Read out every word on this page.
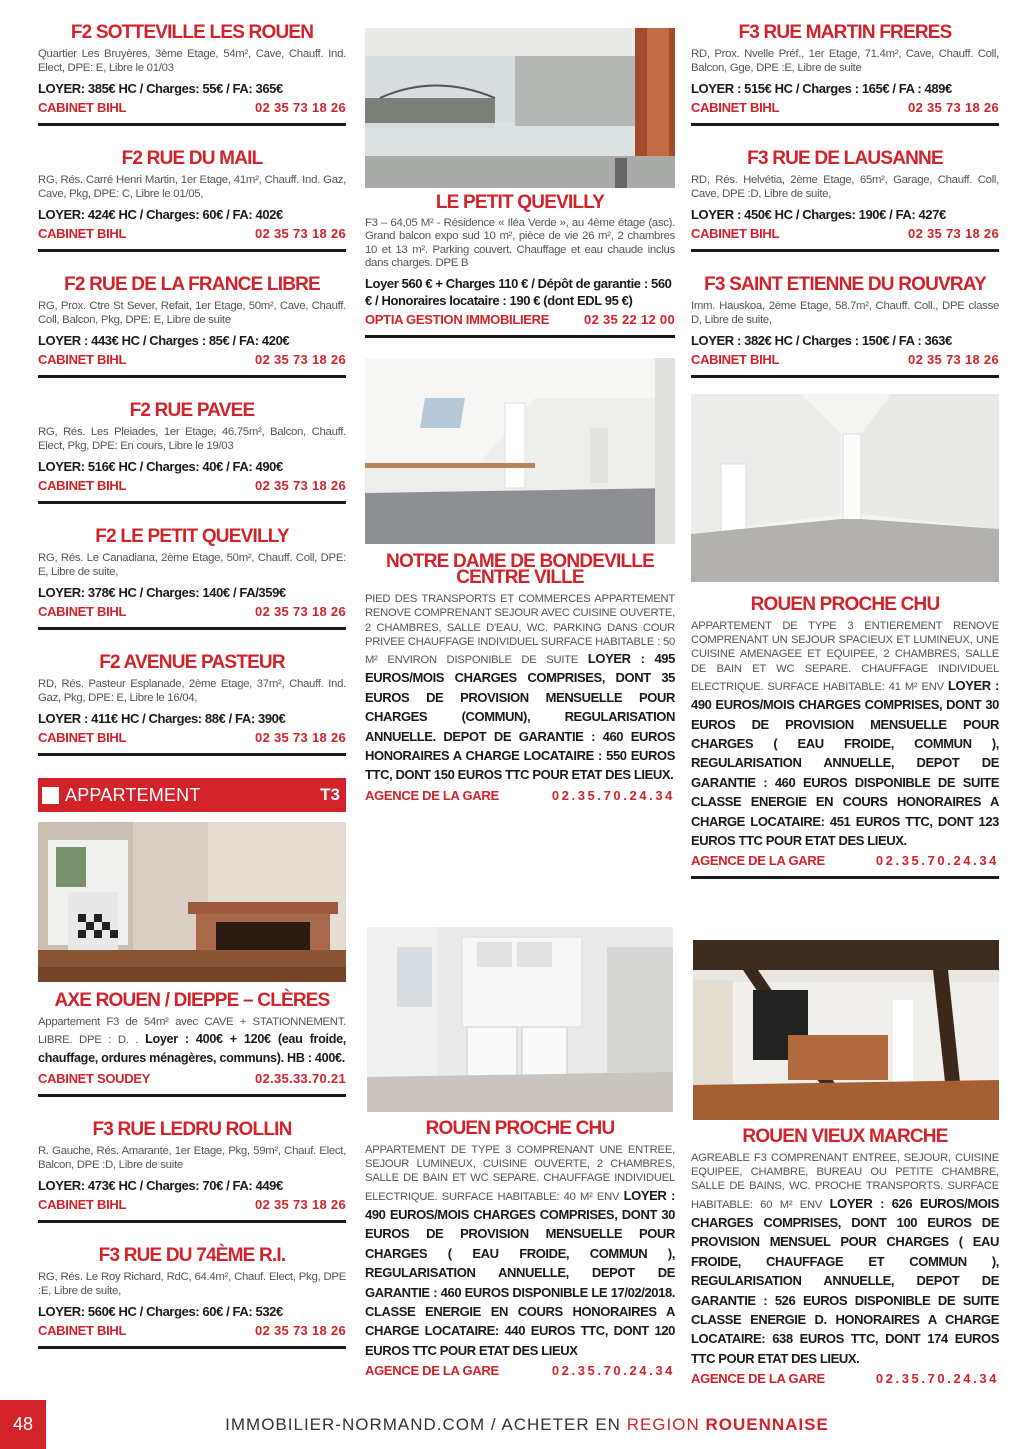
F2 SOTTEVILLE LES ROUEN
Quartier Les Bruyères, 3ème Etage, 54m², Cave, Chauff. Ind. Elect, DPE: E, Libre le 01/03
LOYER: 385€ HC / Charges: 55€ / FA: 365€
CABINET BIHL	02 35 73 18 26
F2 RUE DU MAIL
RG, Rés. Carré Henri Martin, 1er Etage, 41m², Chauff. Ind. Gaz, Cave, Pkg, DPE: C, Libre le 01/05,
LOYER: 424€ HC / Charges: 60€ / FA: 402€
CABINET BIHL	02 35 73 18 26
F2 RUE DE LA FRANCE LIBRE
RG, Prox. Ctre St Sever, Refait, 1er Etage, 50m², Cave, Chauff. Coll, Balcon, Pkg, DPE: E, Libre de suite
LOYER : 443€ HC / Charges : 85€ / FA: 420€
CABINET BIHL	02 35 73 18 26
F2 RUE PAVEE
RG, Rés. Les Pleiades, 1er Etage, 46.75m², Balcon, Chauff. Elect, Pkg, DPE: En cours, Libre le 19/03
LOYER: 516€ HC / Charges: 40€ / FA: 490€
CABINET BIHL	02 35 73 18 26
F2 LE PETIT QUEVILLY
RG, Rés. Le Canadiana, 2ème Etage, 50m², Chauff. Coll, DPE: E, Libre de suite,
LOYER: 378€ HC / Charges: 140€ / FA/359€
CABINET BIHL	02 35 73 18 26
F2 AVENUE PASTEUR
RD, Rés. Pasteur Esplanade, 2ème Etage, 37m², Chauff. Ind. Gaz, Pkg, DPE: E, Libre le 16/04,
LOYER : 411€ HC / Charges: 88€ / FA: 390€
CABINET BIHL	02 35 73 18 26
APPARTEMENT	T3
AXE ROUEN / DIEPPE – CLÈRES
Appartement F3 de 54m² avec CAVE + STATIONNEMENT. LIBRE. DPE : D. . Loyer : 400€ + 120€ (eau froide, chauffage, ordures ménagères, communs). HB : 400€.
CABINET SOUDEY	02.35.33.70.21
F3 RUE LEDRU ROLLIN
R. Gauche, Rés. Amarante, 1er Etage, Pkg, 59m², Chauf. Elect, Balcon, DPE :D, Libre de suite
LOYER: 473€ HC / Charges: 70€ / FA: 449€
CABINET BIHL	02 35 73 18 26
F3 RUE DU 74ÈME R.I.
RG, Rés. Le Roy Richard, RdC, 64.4m², Chauf. Elect, Pkg, DPE :E, Libre de suite,
LOYER: 560€ HC / Charges: 60€ / FA: 532€
CABINET BIHL	02 35 73 18 26
LE PETIT QUEVILLY
F3 – 64,05 M² - Résidence « Iléa Verde », au 4ème étage (asc). Grand balcon expo sud 10 m², pièce de vie 26 m², 2 chambres 10 et 13 m². Parking couvert. Chauffage et eau chaude inclus dans charges. DPE B
Loyer 560 € + Charges 110 € / Dépôt de garantie : 560 € / Honoraires locataire : 190 € (dont EDL 95 €)
OPTIA GESTION IMMOBILIERE	02 35 22 12 00
NOTRE DAME DE BONDEVILLE CENTRE VILLE
PIED DES TRANSPORTS ET COMMERCES APPARTEMENT RENOVE COMPRENANT SEJOUR AVEC CUISINE OUVERTE, 2 CHAMBRES, SALLE D'EAU, WC. PARKING DANS COUR PRIVEE CHAUFFAGE INDIVIDUEL SURFACE HABITABLE : 50 M² ENVIRON DISPONIBLE DE SUITE LOYER : 495 EUROS/MOIS CHARGES COMPRISES, DONT 35 EUROS DE PROVISION MENSUELLE POUR CHARGES (COMMUN), REGULARISATION ANNUELLE. DEPOT DE GARANTIE : 460 EUROS HONORAIRES A CHARGE LOCATAIRE : 550 EUROS TTC, DONT 150 EUROS TTC POUR ETAT DES LIEUX.
AGENCE DE LA GARE	02.35.70.24.34
ROUEN PROCHE CHU
APPARTEMENT DE TYPE 3 COMPRENANT UNE ENTREE, SEJOUR LUMINEUX, CUISINE OUVERTE, 2 CHAMBRES, SALLE DE BAIN ET WC SEPARE. CHAUFFAGE INDIVIDUEL ELECTRIQUE. SURFACE HABITABLE: 40 M² ENV LOYER : 490 EUROS/MOIS CHARGES COMPRISES, DONT 30 EUROS DE PROVISION MENSUELLE POUR CHARGES ( EAU FROIDE, COMMUN ), REGULARISATION ANNUELLE, DEPOT DE GARANTIE : 460 EUROS DISPONIBLE LE 17/02/2018. CLASSE ENERGIE EN COURS HONORAIRES A CHARGE LOCATAIRE: 440 EUROS TTC, DONT 120 EUROS TTC POUR ETAT DES LIEUX
AGENCE DE LA GARE	02.35.70.24.34
F3 RUE MARTIN FRERES
RD, Prox. Nvelle Préf., 1er Etage, 71.4m², Cave, Chauff. Coll, Balcon, Gge, DPE :E, Libre de suite
LOYER : 515€ HC / Charges : 165€ / FA : 489€
CABINET BIHL	02 35 73 18 26
F3 RUE DE LAUSANNE
RD, Rés. Helvétia, 2ème Etage, 65m², Garage, Chauff. Coll, Cave, DPE :D, Libre de suite,
LOYER : 450€ HC / Charges: 190€ / FA: 427€
CABINET BIHL	02 35 73 18 26
F3 SAINT ETIENNE DU ROUVRAY
Imm. Hauskoa, 2ème Etage, 58.7m², Chauff. Coll., DPE classe D, Libre de suite,
LOYER : 382€ HC / Charges : 150€ / FA : 363€
CABINET BIHL	02 35 73 18 26
ROUEN PROCHE CHU
APPARTEMENT DE TYPE 3 ENTIEREMENT RENOVE COMPRENANT UN SEJOUR SPACIEUX ET LUMINEUX, UNE CUISINE AMENAGEE ET EQUIPEE, 2 CHAMBRES, SALLE DE BAIN ET WC SEPARE. CHAUFFAGE INDIVIDUEL ELECTRIQUE. SURFACE HABITABLE: 41 M² ENV LOYER : 490 EUROS/MOIS CHARGES COMPRISES, DONT 30 EUROS DE PROVISION MENSUELLE POUR CHARGES ( EAU FROIDE, COMMUN ), REGULARISATION ANNUELLE, DEPOT DE GARANTIE : 460 EUROS DISPONIBLE DE SUITE CLASSE ENERGIE EN COURS HONORAIRES A CHARGE LOCATAIRE: 451 EUROS TTC, DONT 123 EUROS TTC POUR ETAT DES LIEUX.
AGENCE DE LA GARE	02.35.70.24.34
ROUEN VIEUX MARCHE
AGREABLE F3 COMPRENANT ENTREE, SEJOUR, CUISINE EQUIPEE, CHAMBRE, BUREAU OU PETITE CHAMBRE, SALLE DE BAINS, WC. PROCHE TRANSPORTS. SURFACE HABITABLE: 60 M² ENV LOYER : 626 EUROS/MOIS CHARGES COMPRISES, DONT 100 EUROS DE PROVISION MENSUEL POUR CHARGES ( EAU FROIDE, CHAUFFAGE ET COMMUN ), REGULARISATION ANNUELLE, DEPOT DE GARANTIE : 526 EUROS DISPONIBLE DE SUITE CLASSE ENERGIE D. HONORAIRES A CHARGE LOCATAIRE: 638 EUROS TTC, DONT 174 EUROS TTC POUR ETAT DES LIEUX.
AGENCE DE LA GARE	02.35.70.24.34
48	IMMOBILIER-NORMAND.COM / ACHETER EN REGION ROUENNAISE
